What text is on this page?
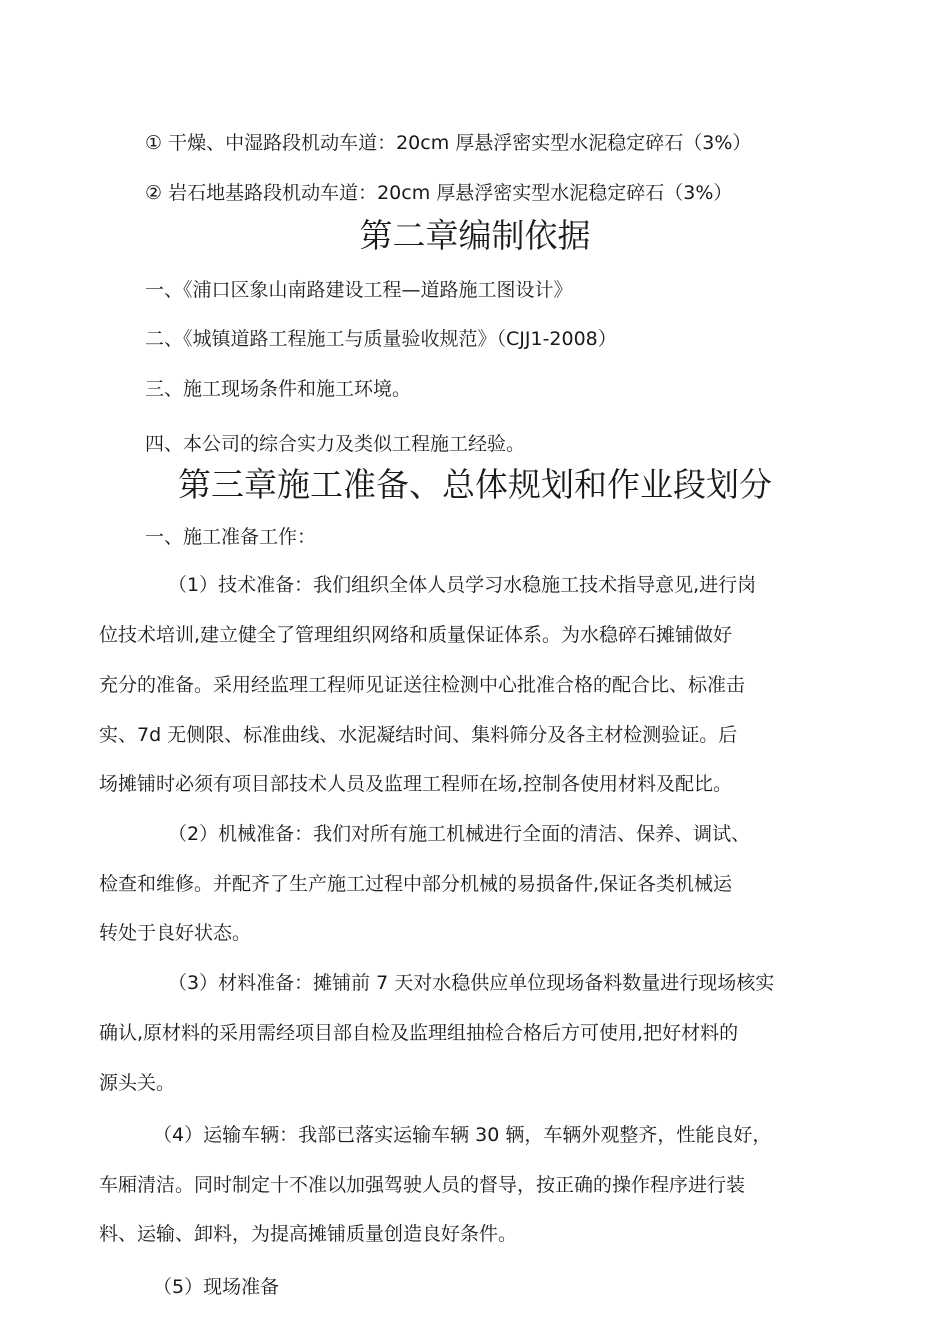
① 干燥、中湿路段机动车道：20cm 厚悬浮密实型水泥稳定碎石（3%）
② 岩石地基路段机动车道：20cm 厚悬浮密实型水泥稳定碎石（3%）
第二章编制依据
一、《浦口区象山南路建设工程—道路施工图设计》
二、《城镇道路工程施工与质量验收规范》（CJJ1-2008）
三、施工现场条件和施工环境。
四、本公司的综合实力及类似工程施工经验。
第三章施工准备、总体规划和作业段划分
一、施工准备工作：
（1）技术准备：我们组织全体人员学习水稳施工技术指导意见,进行岗
位技术培训,建立健全了管理组织网络和质量保证体系。为水稳碎石摊铺做好
充分的准备。采用经监理工程师见证送往检测中心批准合格的配合比、标准击
实、7d 无侧限、标准曲线、水泥凝结时间、集料筛分及各主材检测验证。后
场摊铺时必须有项目部技术人员及监理工程师在场,控制各使用材料及配比。
（2）机械准备：我们对所有施工机械进行全面的清洁、保养、调试、
检查和维修。并配齐了生产施工过程中部分机械的易损备件,保证各类机械运
转处于良好状态。
（3）材料准备：摊铺前 7 天对水稳供应单位现场备料数量进行现场核实
确认,原材料的采用需经项目部自检及监理组抽检合格后方可使用,把好材料的
源头关。
（4）运输车辆：我部已落实运输车辆 30 辆，车辆外观整齐，性能良好，
车厢清洁。同时制定十不准以加强驾驶人员的督导，按正确的操作程序进行装
料、运输、卸料，为提高摊铺质量创造良好条件。
（5）现场准备
